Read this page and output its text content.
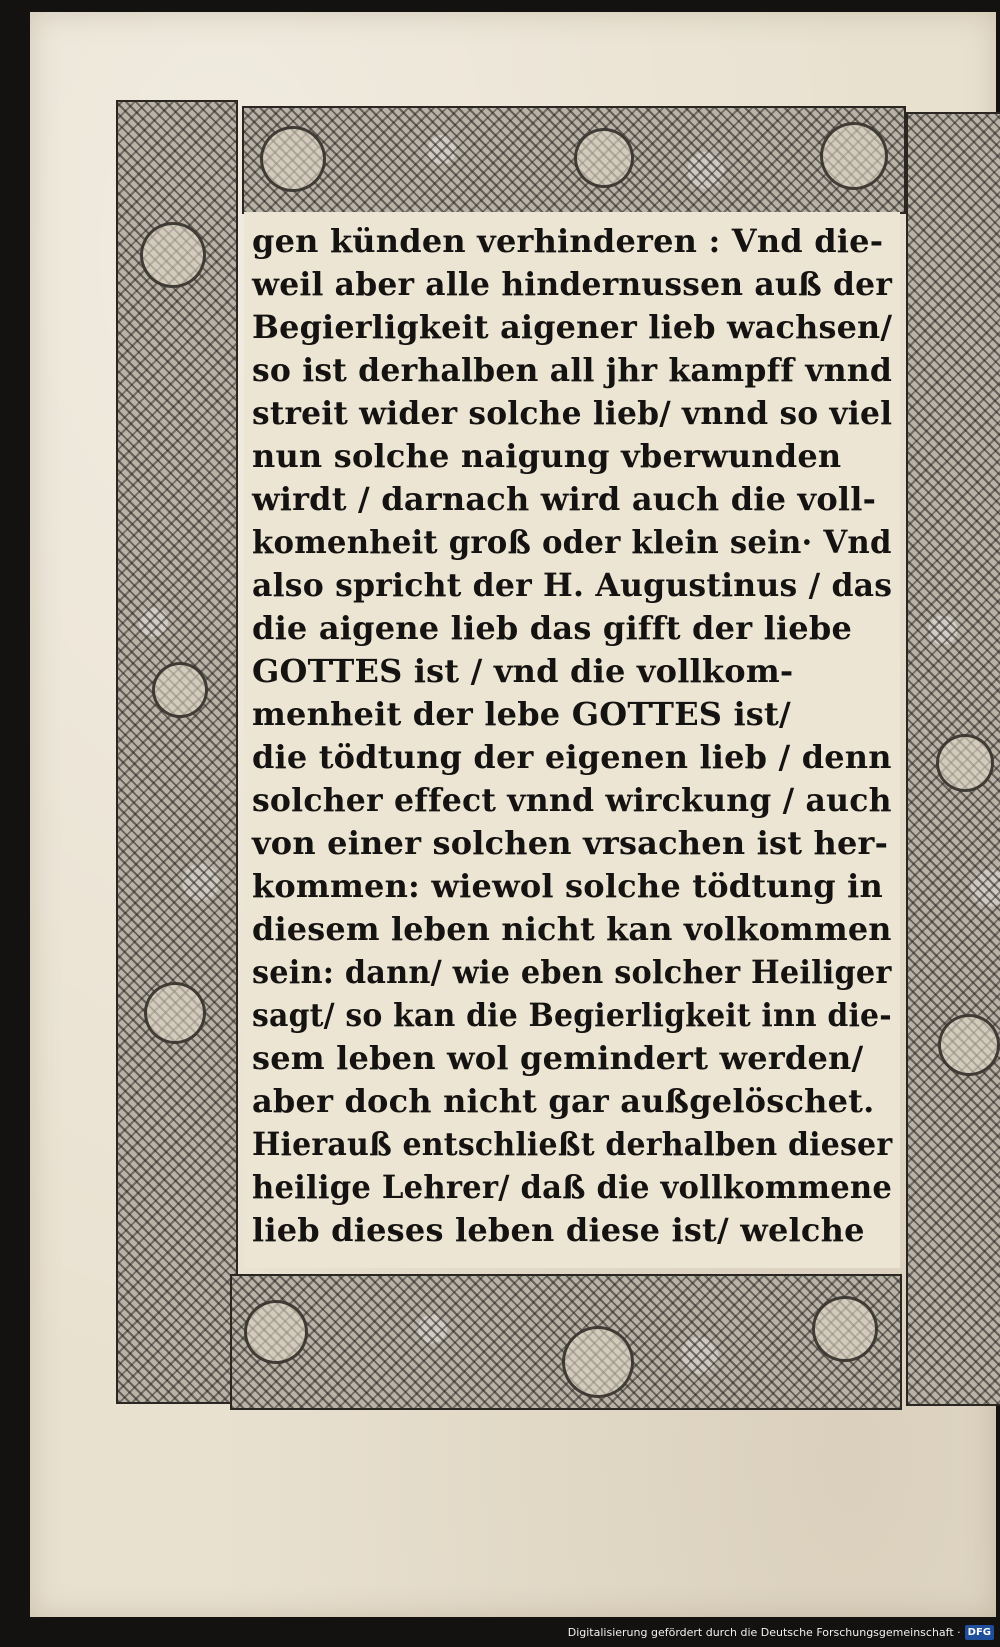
gen künden verhinderen : Vnd die-
weil aber alle hindernussen auß der
Begierligkeit aigener lieb wachsen/
so ist derhalben all jhr kampff vnnd
streit wider solche lieb/ vnnd so viel
nun solche naigung vberwunden
wirdt / darnach wird auch die voll-
komenheit groß oder klein sein· Vnd
also spricht der H. Augustinus / das
die aigene lieb das gifft der liebe
GOTTES ist / vnd die vollkom-
menheit der lebe GOTTES ist/
die tödtung der eigenen lieb / denn
solcher effect vnnd wirckung / auch
von einer solchen vrsachen ist her-
kommen: wiewol solche tödtung in
diesem leben nicht kan volkommen
sein: dann/ wie eben solcher Heiliger
sagt/ so kan die Begierligkeit inn die-
sem leben wol gemindert werden/
aber doch nicht gar außgelöschet.
Hierauß entschließt derhalben dieser
heilige Lehrer/ daß die vollkommene
lieb dieses leben diese ist/ welche
Digitalisierung gefördert durch die Deutsche Forschungsgemeinschaft · DFG
